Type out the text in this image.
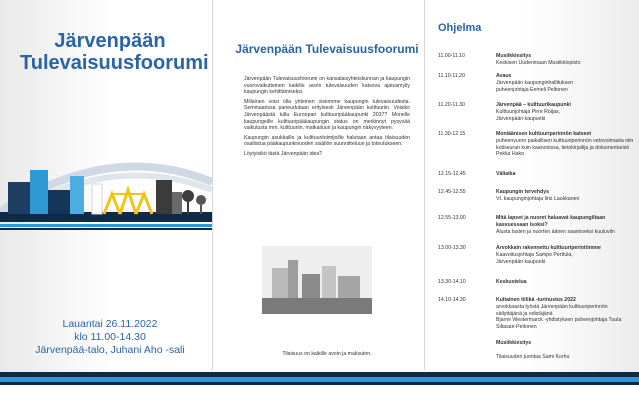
Järvenpään
Tulevaisuusfoorumi
Lauantai 26.11.2022
klo 11.00-14.30
Järvenpää-talo, Juhani Aho -sali
Järvenpään Tulevaisuusfoorumi

Järvenpään Tulevaisuusfoorumi on kansalaisyhteiskunnan ja kaupungin vuorovaikutteinen kaikille avoin tulevaisuuden katsova ajatusmylly kaupungin kehittämiseksi.

Millainen voisi olla yhteinen visiomme kaupungin tulevaisuudesta. Seminaarissa paneudutaan erityisesti Järvenpään kulttuuriin. Voisiko Järvenpäästä tulla Euroopan kulttuuripääkaupunki 2037? Monelle kaupungeille kulttuuripääkaupungin status on merkinnyt pysyvää vaikutusta mm. kulttuuriin, matkailuun ja kaupungin näkyvyyteen.

Kaupungin asukkaille ja kulttuuritoimijoille halutaan antaa tilaisuuden osallistua pääkaupunkivuoden sisällön suunnitteluun ja toteutukseen.

Löytyisikö tästä Järvenpään idea?

Tilaisuus on kaikille avoin ja maksuton.
Ohjelma
11.00-11.10	Musiikkiesitys
Keskisen Uudenmaan Musiikkiopisto
11.10-11.20	Avaus
Järvenpään kaupunginhallituksen
puheenjohtaja Eemeli Peltonen
11.20-11.30	Järvenpää – kulttuurikaupunki
Kulttuurijohtaja Pirre Roijas,
Järvenpään kaupunki
11.30-12.15	Moniäänisen kulttuuriperinnön katseet
puheenvuoro paikallisen kulttuuriperinnön vetovoimasta niin kotiseuran kuin kaanonissa, tietokirjailija ja dokumentaristi Pekka Hako
12.15-12.45	Väliaika
12.45-12.55	Kaupungin tervehdys
Vt. kaupunginjohtaja Iiris Laukkanen
12.55-13.00	Mitä lapset ja nuoret haluavat kaupungiltaan kasvuessaan isoksi?
Alusta lasten ja nuorten äänen saamiseksi kuuluviin
13.00-13.30	Arvokkain rakennettu kulttuuriperintömme
Kaavoitusjohtaja Sampo Perttula,
Järvenpään kaupunki
13.30-14.10	Keskustelua
14.10-14.30	Kultainen tiilikä -turinustus 2022
arvokkaasta työstä Järvenpään kulttuuriperinnön säilyttäjänä ja edistäjänä
Bjarne Westermarck -yhdistyksen puheenjohtaja Tuula Siltasari-Peltonen
Musiikkiesitys
Tilaisuuden juontaa Sami Korhu
